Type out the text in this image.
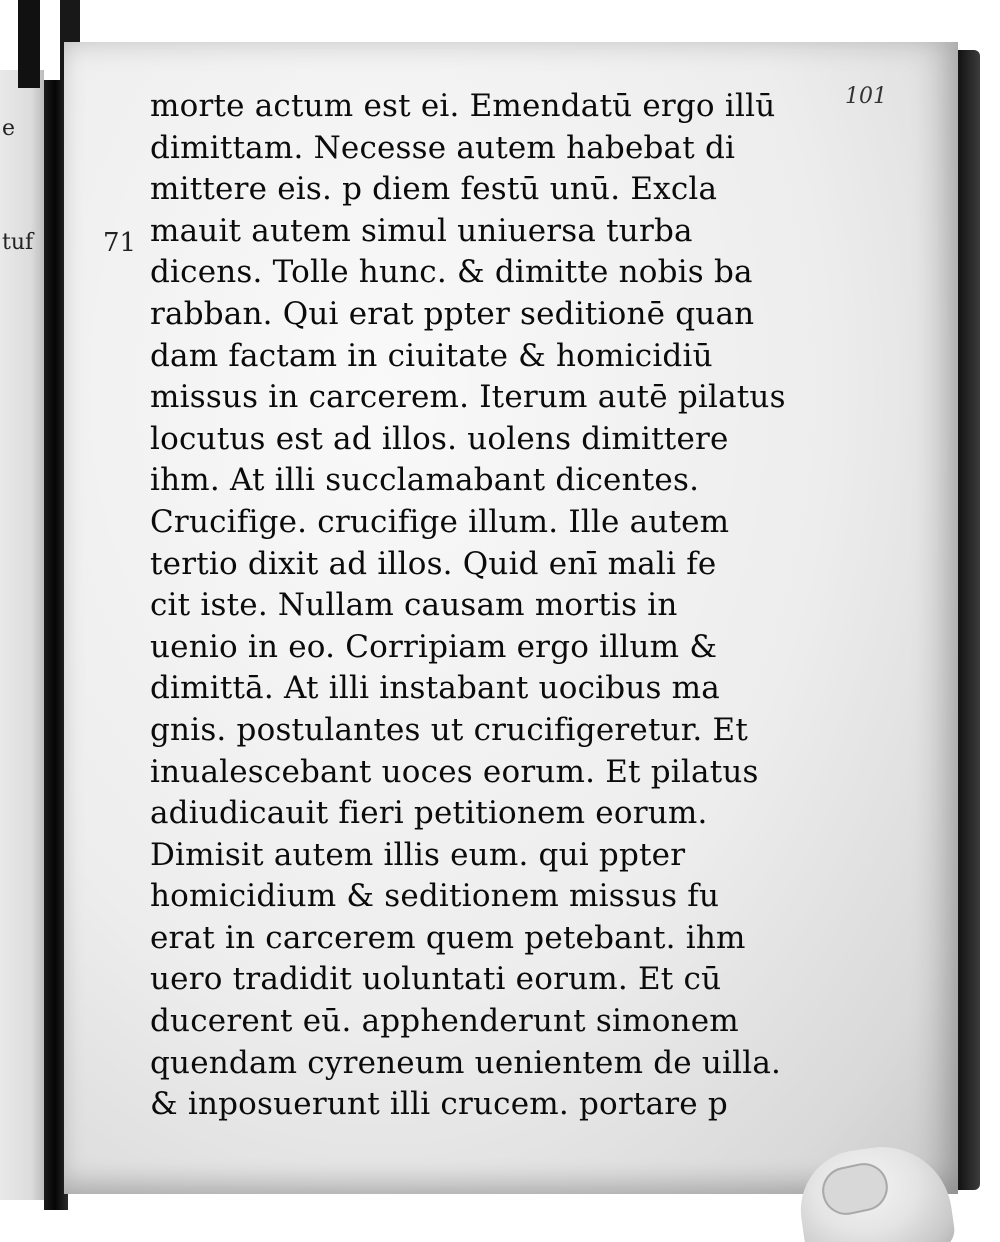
e
tuf
101
71
morte actum est ei. Emendatū ergo illū
dimittam. Necesse autem habebat di
mittere eis. p diem festū unū. Excla
mauit autem simul uniuersa turba
dicens. Tolle hunc. & dimitte nobis ba
rabban. Qui erat ppter seditionē quan
dam factam in ciuitate & homicidiū
missus in carcerem. Iterum autē pilatus
locutus est ad illos. uolens dimittere
ihm. At illi succlamabant dicentes.
Crucifige. crucifige illum. Ille autem
tertio dixit ad illos. Quid enī mali fe
cit iste. Nullam causam mortis in
uenio in eo. Corripiam ergo illum &
dimittā. At illi instabant uocibus ma
gnis. postulantes ut crucifigeretur. Et
inualescebant uoces eorum. Et pilatus
adiudicauit fieri petitionem eorum.
Dimisit autem illis eum. qui ppter
homicidium & seditionem missus fu
erat in carcerem quem petebant. ihm
uero tradidit uoluntati eorum. Et cū
ducerent eū. apphenderunt simonem
quendam cyreneum uenientem de uilla.
& inposuerunt illi crucem. portare p
